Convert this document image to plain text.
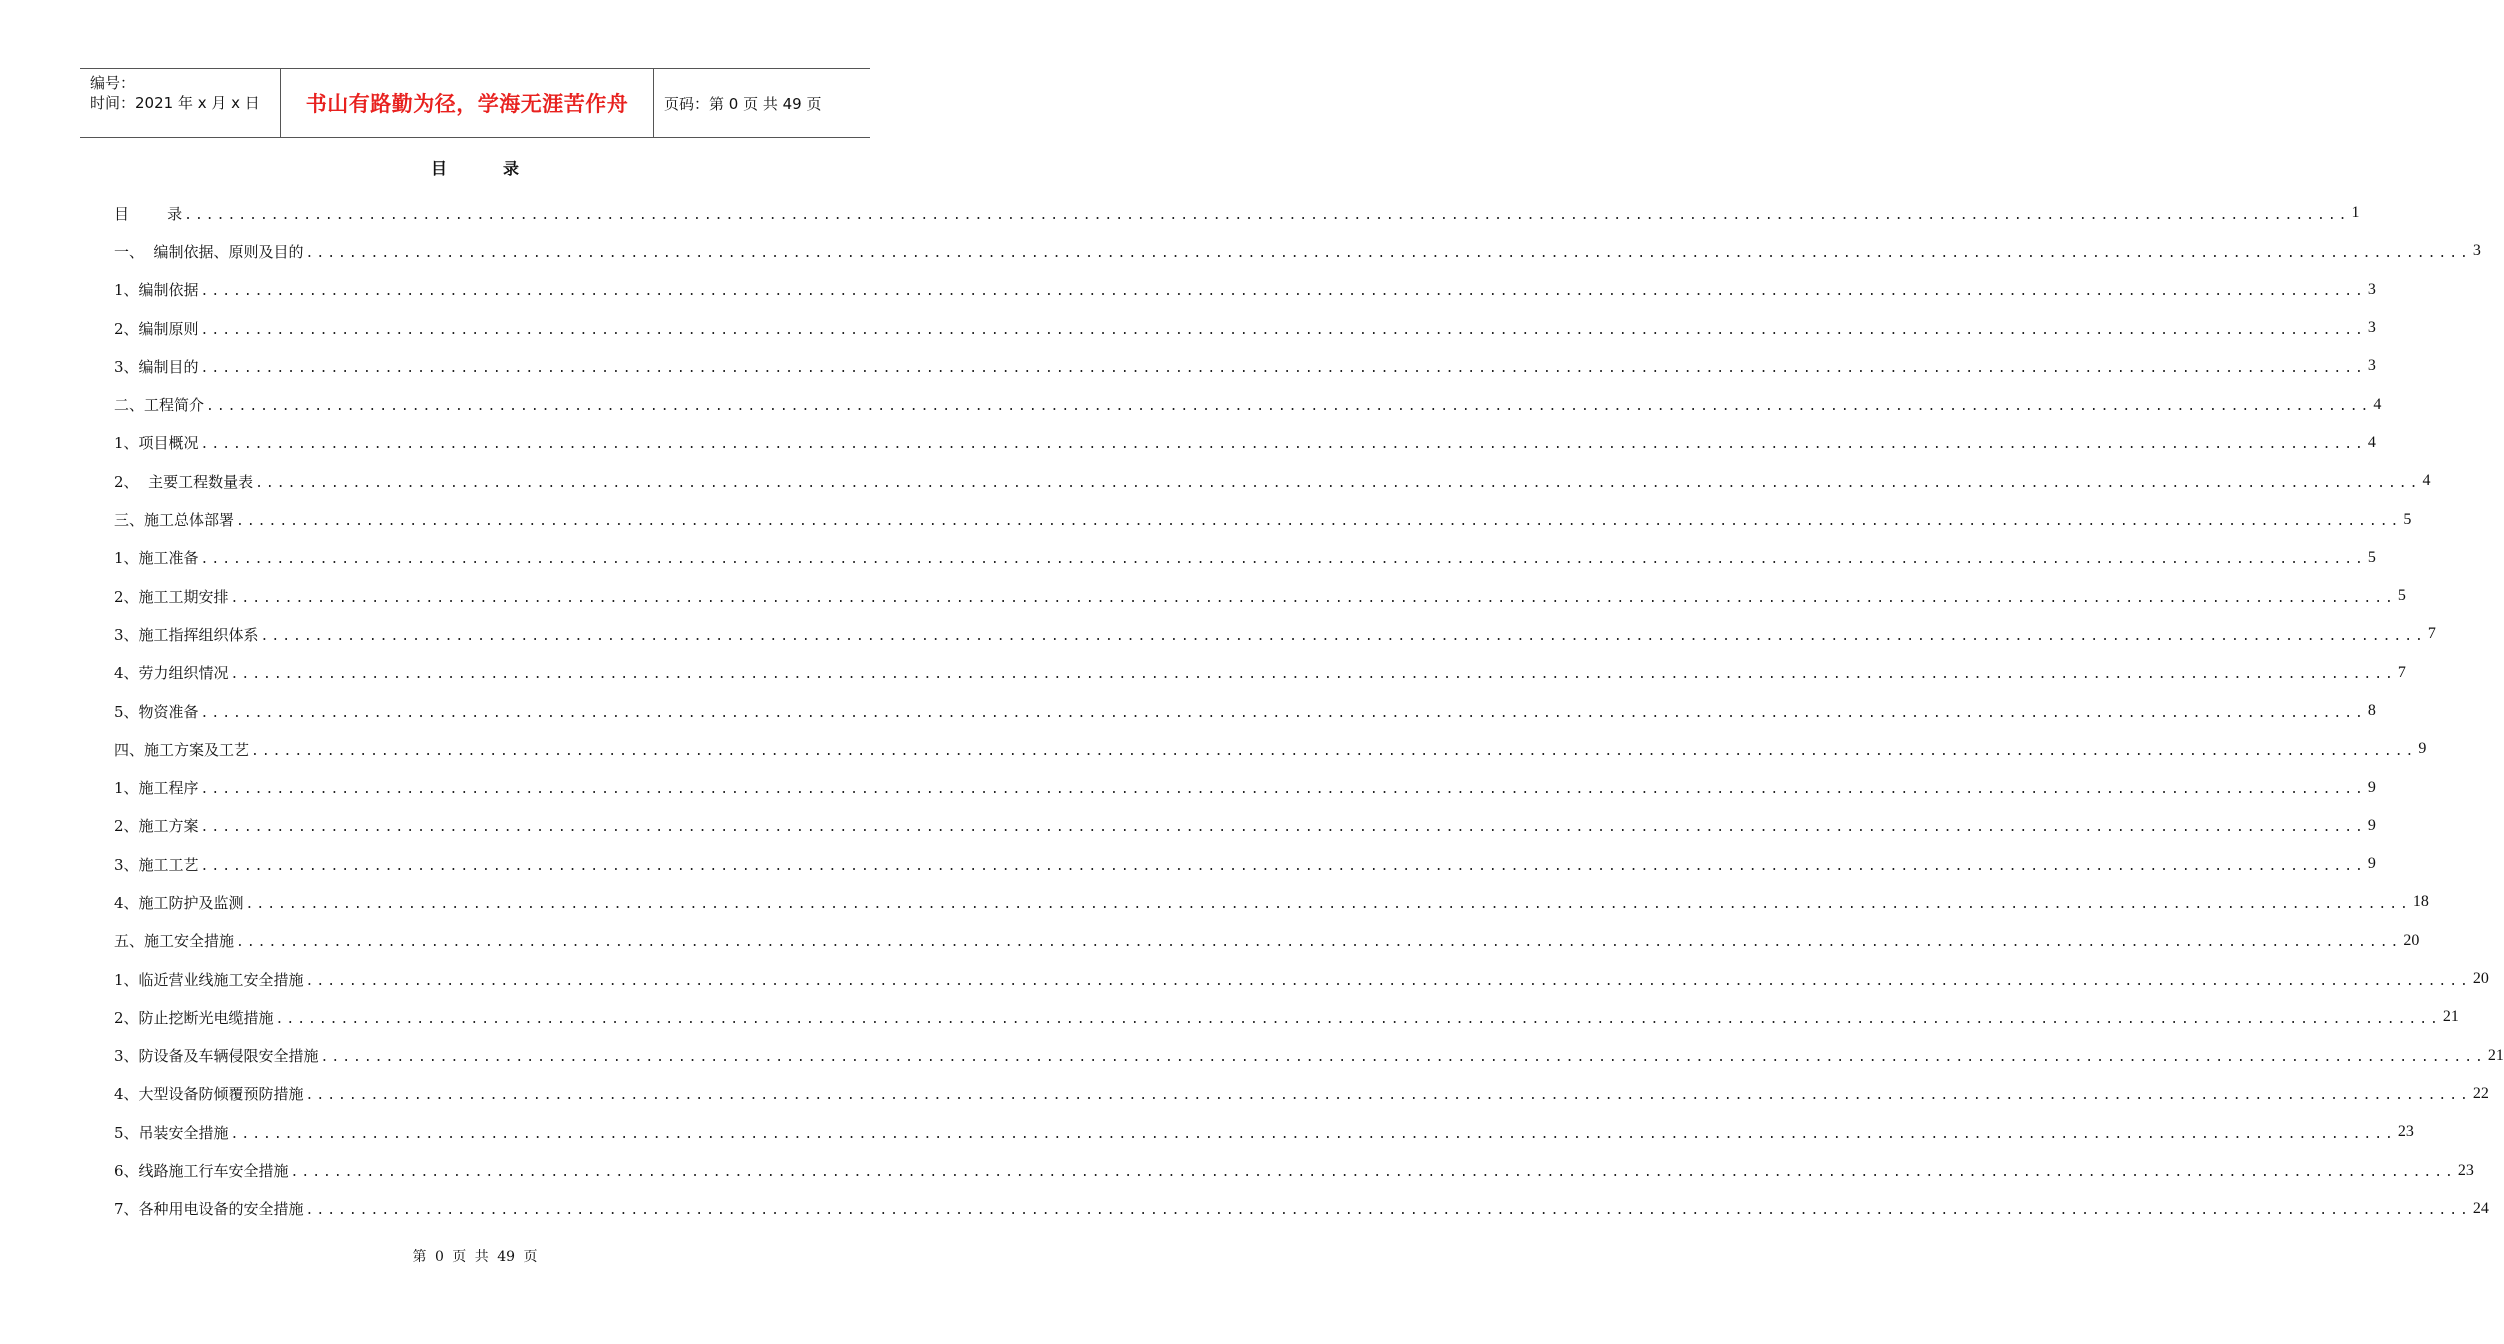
编号：
时间：2021 年 x 月 x 日	书山有路勤为径，学海无涯苦作舟	页码：第 0 页 共 49 页
目	录
目        录 ........................................................................................................................................................................................................ 1
一、  编制依据、原则及目的 ........................................................................................................................................................................................................ 3
1、编制依据 ........................................................................................................................................................................................................ 3
2、编制原则 ........................................................................................................................................................................................................ 3
3、编制目的 ........................................................................................................................................................................................................ 3
二、工程简介 ........................................................................................................................................................................................................ 4
1、项目概况 ........................................................................................................................................................................................................ 4
2、  主要工程数量表 ........................................................................................................................................................................................................ 4
三、施工总体部署 ........................................................................................................................................................................................................ 5
1、施工准备 ........................................................................................................................................................................................................ 5
2、施工工期安排 ........................................................................................................................................................................................................ 5
3、施工指挥组织体系 ........................................................................................................................................................................................................ 7
4、劳力组织情况 ........................................................................................................................................................................................................ 7
5、物资准备 ........................................................................................................................................................................................................ 8
四、施工方案及工艺 ........................................................................................................................................................................................................ 9
1、施工程序 ........................................................................................................................................................................................................ 9
2、施工方案 ........................................................................................................................................................................................................ 9
3、施工工艺 ........................................................................................................................................................................................................ 9
4、施工防护及监测 ........................................................................................................................................................................................................ 18
五、施工安全措施 ........................................................................................................................................................................................................ 20
1、临近营业线施工安全措施 ........................................................................................................................................................................................................ 20
2、防止挖断光电缆措施 ........................................................................................................................................................................................................ 21
3、防设备及车辆侵限安全措施 ........................................................................................................................................................................................................ 21
4、大型设备防倾覆预防措施 ........................................................................................................................................................................................................ 22
5、吊装安全措施 ........................................................................................................................................................................................................ 23
6、线路施工行车安全措施 ........................................................................................................................................................................................................ 23
7、各种用电设备的安全措施 ........................................................................................................................................................................................................ 24
第 0 页 共 49 页
